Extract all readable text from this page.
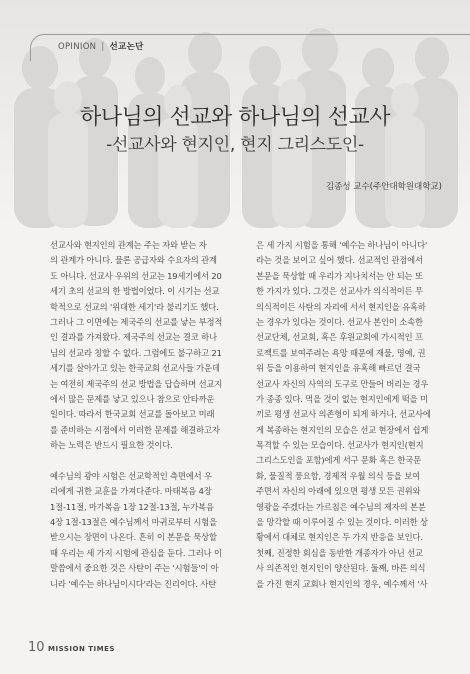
OPINION | 선교논단
하나님의 선교와 하나님의 선교사
-선교사와 현지인, 현지 그리스도인-
김종성 교수(주안대학원대학교)
선교사와 현지인의 관계는 주는 자와 받는 자
의 관계가 아니다. 물론 공급자와 수요자의 관계
도 아니다. 선교사 우위의 선교는 19세기에서 20
세기 초의 선교의 한 방법이었다. 이 시기는 선교
학적으로 선교의 '위대한 세기'라 불리기도 했다.
그러나 그 이면에는 제국주의 선교를 낳는 부정적
인 결과를 가져왔다. 제국주의 선교는 결코 하나
님의 선교라 칭할 수 없다. 그럼에도 불구하고 21
세기를 살아가고 있는 한국교회 선교사들 가운데
는 여전히 제국주의 선교 방법을 답습하며 선교지
에서 많은 문제를 낳고 있으나 참으로 안타까운
일이다. 따라서 한국교회 선교를 돌아보고 미래
를 준비하는 시점에서 이러한 문제를 해결하고자
하는 노력은 반드시 필요한 것이다.
예수님의 광야 시험은 선교학적인 측면에서 우
리에게 귀한 교훈을 가져다준다. 마태복음 4장
1절-11절, 마가복음 1장 12절-13절, 누가복음
4장 1절-13절은 예수님께서 마귀로부터 시험을
받으시는 장면이 나온다. 흔히 이 본문을 묵상할
때 우리는 세 가지 시험에 관심을 둔다. 그러나 이
말씀에서 중요한 것은 사탄이 주는 '시험들'이 아
니라 '예수는 하나님이시다'라는 진리이다. 사탄
은 세 가지 시험을 통해 '예수는 하나님이 아니다'
라는 것을 보이고 싶어 했다. 선교적인 관점에서
본문을 묵상할 때 우리가 지나치서는 안 되는 또
한 가지가 있다. 그것은 선교사가 의식적이든 무
의식적이든 사탄의 자리에 서서 현지인을 유혹하
는 경우가 있다는 것이다. 선교사 본인이 소속한
선교단체, 선교회, 혹은 후원교회에 가시적인 프
로젝트를 보여주려는 욕망 때문에 재물, 명예, 권
위 등을 이용하여 현지인을 유혹해 빠르던 결국
선교사 자신의 사역의 도구로 만들어 버리는 경우
가 종종 있다. 먹을 것이 없는 현지인에게 떡을 미
끼로 평생 선교사 의존형이 되게 하거나, 선교사에
게 복종하는 현지인의 모습은 선교 현장에서 쉽게
목격할 수 있는 모습이다. 선교사가 현지인(현지
그리스도인을 포함)에게 서구 문화 혹은 한국문
화, 물질적 풍요함, 경제적 우월 의식 등을 보여
주면서 자신의 아래에 있으면 평생 모든 권위와
영광을 주겠다는 가르침은 예수님의 제자의 본분
을 망각할 때 이루어질 수 있는 것이다. 이러한 상
황에서 대체로 현지인은 두 가지 반응을 보인다.
첫째, 진정한 회심을 동반한 개종자가 아닌 선교
사 의존적인 현지인이 양산된다. 둘째, 바른 의식
을 가진 현지 교회나 현지인의 경우, 예수께서 '사
10 MISSION TIMES
